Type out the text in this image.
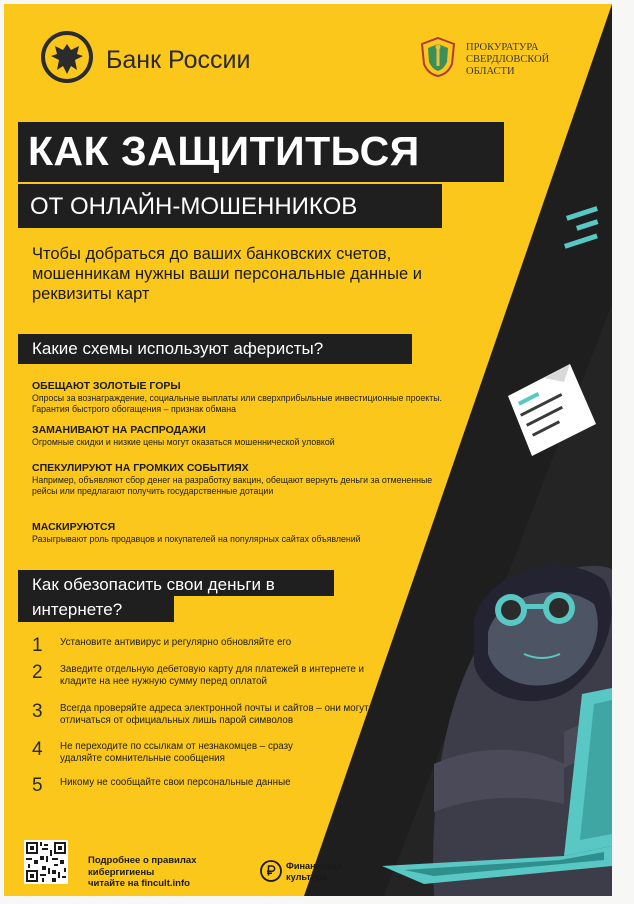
Банк России	ПРОКУРАТУРА
СВЕРДЛОВСКОЙ
ОБЛАСТИ
КАК ЗАЩИТИТЬСЯ
ОТ ОНЛАЙН-МОШЕННИКОВ
Чтобы добраться до ваших банковских счетов, мошенникам нужны ваши персональные данные и реквизиты карт
Какие схемы используют аферисты?

ОБЕЩАЮТ ЗОЛОТЫЕ ГОРЫ

Опросы за вознаграждение, социальные выплаты или сверхприбыльные инвестиционные проекты. Гарантия быстрого обогащения – признак обмана

ЗАМАНИВАЮТ НА РАСПРОДАЖИ

Огромные скидки и низкие цены могут оказаться мошеннической уловкой

СПЕКУЛИРУЮТ НА ГРОМКИХ СОБЫТИЯХ

Например, объявляют сбор денег на разработку вакцин, обещают вернуть деньги за отмененные рейсы или предлагают получить государственные дотации

МАСКИРУЮТСЯ

Разыгрывают роль продавцов и покупателей на популярных сайтах объявлений

Как обезопасить свои деньги в интернете?
1 Установите антивирус и регулярно обновляйте его
2 Заведите отдельную дебетовую карту для платежей в интернете и кладите на нее нужную сумму перед оплатой
3 Всегда проверяйте адреса электронной почты и сайтов – они могут отличаться от официальных лишь парой символов
4 Не переходите по ссылкам от незнакомцев – сразу удаляйте сомнительные сообщения
5 Никому не сообщайте свои персональные данные
Подробнее о правилах
кибергигиены
читайте на fincult.info
Финансовая
культура
